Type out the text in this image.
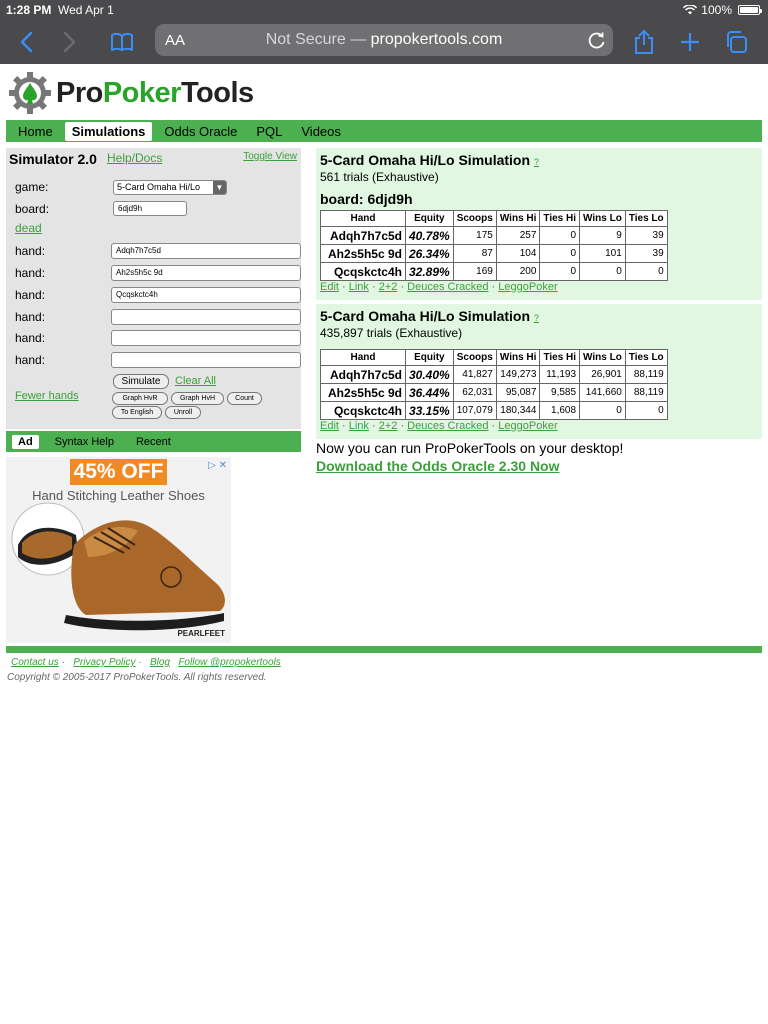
1:28 PM Wed Apr 1	100%
AA	Not Secure — propokertools.com
ProPokerTools
Home	Simulations	Odds Oracle	PQL	Videos
Simulator 2.0 Help/Docs	Toggle View
game:	5-Card Omaha Hi/Lo	▼
board:	6djd9h
dead
hand:	Adqh7h7c5d
hand:	Ah2s5h5c 9d
hand:	Qcqskctc4h
hand:
hand:
hand:
Fewer hands
Simulate	Clear All
Graph HvR	Graph HvH	Count
To English	Unroll
Ad	Syntax Help	Recent
45% OFF	▷ ✕
Hand Stitching Leather Shoes
PEARLFEET
5-Card Omaha Hi/Lo Simulation ?
561 trials (Exhaustive)
board: 6djd9h
Hand	Equity	Scoops	Wins Hi	Ties Hi	Wins Lo	Ties Lo
Adqh7h7c5d	40.78%	175	257	0	9	39
Ah2s5h5c 9d	26.34%	87	104	0	101	39
Qcqskctc4h	32.89%	169	200	0	0	0
Edit · Link · 2+2 · Deuces Cracked · LeggoPoker
5-Card Omaha Hi/Lo Simulation ?
435,897 trials (Exhaustive)
Hand	Equity	Scoops	Wins Hi	Ties Hi	Wins Lo	Ties Lo
Adqh7h7c5d	30.40%	41,827	149,273	11,193	26,901	88,119
Ah2s5h5c 9d	36.44%	62,031	95,087	9,585	141,660	88,119
Qcqskctc4h	33.15%	107,079	180,344	1,608	0	0
Edit · Link · 2+2 · Deuces Cracked · LeggoPoker
Now you can run ProPokerTools on your desktop!
Download the Odds Oracle 2.30 Now
Contact us ·   Privacy Policy ·   Blog Follow @propokertools
Copyright © 2005-2017 ProPokerTools. All rights reserved.
